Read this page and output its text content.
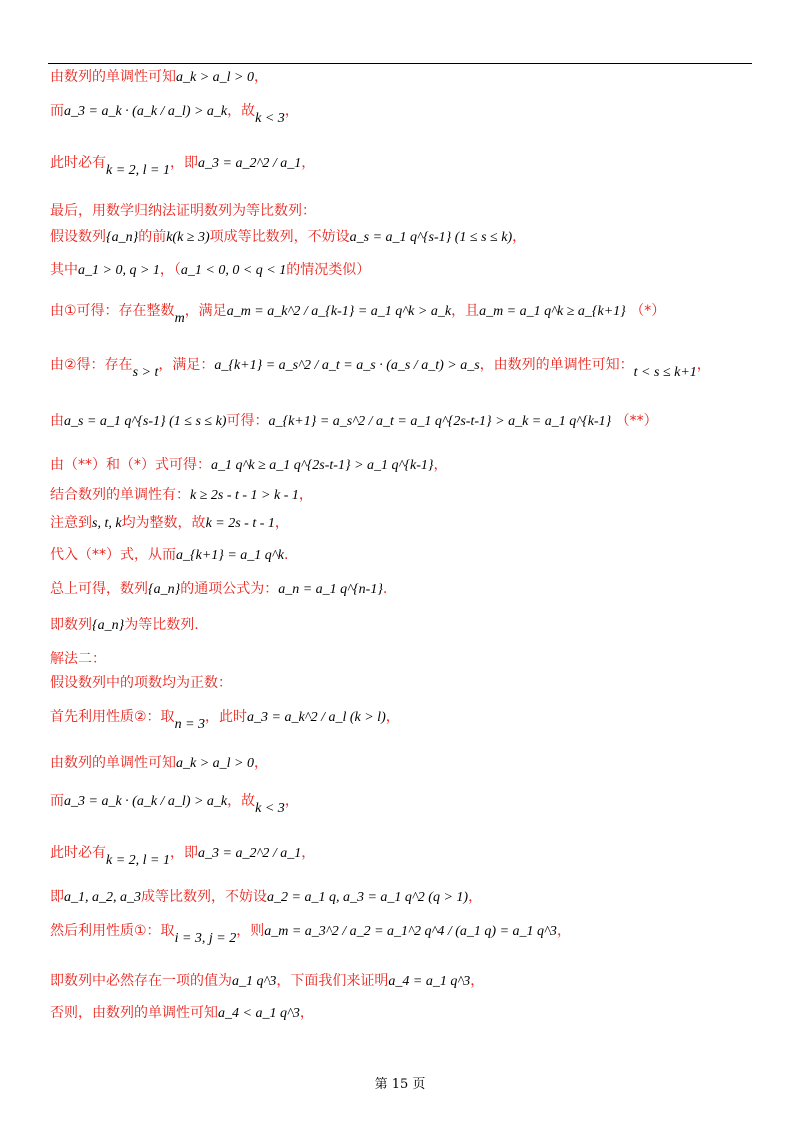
由数列的单调性可知a_k > a_l > 0，
而a_3 = a_k · (a_k / a_l) > a_k，故k < 3，
此时必有k = 2, l = 1，即a_3 = a_2^2 / a_1，
最后，用数学归纳法证明数列为等比数列：
假设数列{a_n}的前k(k ≥ 3)项成等比数列，不妨设a_s = a_1 q^{s-1} (1 ≤ s ≤ k)，
其中a_1 > 0, q > 1，（a_1 < 0, 0 < q < 1的情况类似）
由①可得：存在整数m，满足a_m = a_k^2 / a_{k-1} = a_1 q^k > a_k，且a_m = a_1 q^k ≥ a_{k+1} （*）
由②得：存在s > t，满足：a_{k+1} = a_s^2 / a_t = a_s · (a_s / a_t) > a_s，由数列的单调性可知：t < s ≤ k+1，
由a_s = a_1 q^{s-1} (1 ≤ s ≤ k)可得：a_{k+1} = a_s^2 / a_t = a_1 q^{2s-t-1} > a_k = a_1 q^{k-1} （**）
由（**）和（*）式可得：a_1 q^k ≥ a_1 q^{2s-t-1} > a_1 q^{k-1}，
结合数列的单调性有：k ≥ 2s - t - 1 > k - 1，
注意到s, t, k均为整数，故k = 2s - t - 1，
代入（**）式，从而a_{k+1} = a_1 q^k.
总上可得，数列{a_n}的通项公式为：a_n = a_1 q^{n-1}.
即数列{a_n}为等比数列.
解法二：
假设数列中的项数均为正数：
首先利用性质②：取n = 3，此时a_3 = a_k^2 / a_l (k > l)，
由数列的单调性可知a_k > a_l > 0，
而a_3 = a_k · (a_k / a_l) > a_k，故k < 3，
此时必有k = 2, l = 1，即a_3 = a_2^2 / a_1，
即a_1, a_2, a_3成等比数列，不妨设a_2 = a_1 q, a_3 = a_1 q^2 (q > 1)，
然后利用性质①：取i = 3, j = 2，则a_m = a_3^2 / a_2 = a_1^2 q^4 / (a_1 q) = a_1 q^3，
即数列中必然存在一项的值为a_1 q^3，下面我们来证明a_4 = a_1 q^3，
否则，由数列的单调性可知a_4 < a_1 q^3，
第 15 页
